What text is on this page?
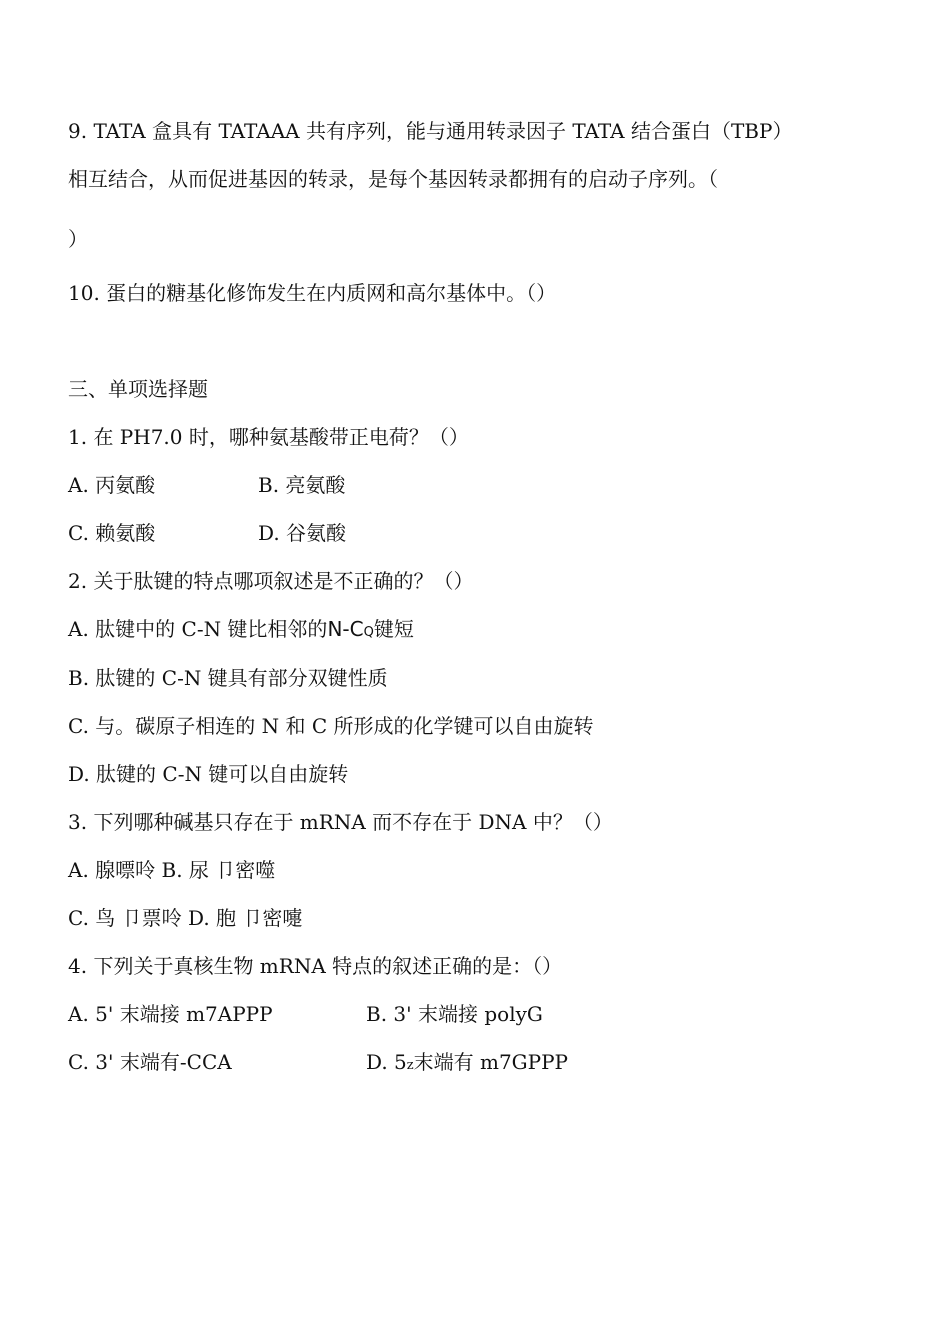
9. TATA 盒具有 TATAAA 共有序列，能与通用转录因子 TATA 结合蛋白（TBP）
相互结合，从而促进基因的转录，是每个基因转录都拥有的启动子序列。（
）
10. 蛋白的糖基化修饰发生在内质网和高尔基体中。（）
三、单项选择题
1. 在 PH7.0 时，哪种氨基酸带正电荷？（）
A. 丙氨酸	B. 亮氨酸
C. 赖氨酸	D. 谷氨酸
2. 关于肽键的特点哪项叙述是不正确的？（）
A. 肽键中的 C-N 键比相邻的N-CQ键短
B. 肽键的 C-N 键具有部分双键性质
C. 与。碳原子相连的 N 和 C 所形成的化学键可以自由旋转
D. 肽键的 C-N 键可以自由旋转
3. 下列哪种碱基只存在于 mRNA 而不存在于 DNA 中？（）
A. 腺嘌呤 B. 尿 卩密噬
C. 鸟 卩票呤 D. 胞 卩密嚏
4. 下列关于真核生物 mRNA 特点的叙述正确的是：（）
A. 5' 末端接 m7APPP	B. 3' 末端接 polyG
C. 3' 末端有-CCA	D. 5z末端有 m7GPPP
